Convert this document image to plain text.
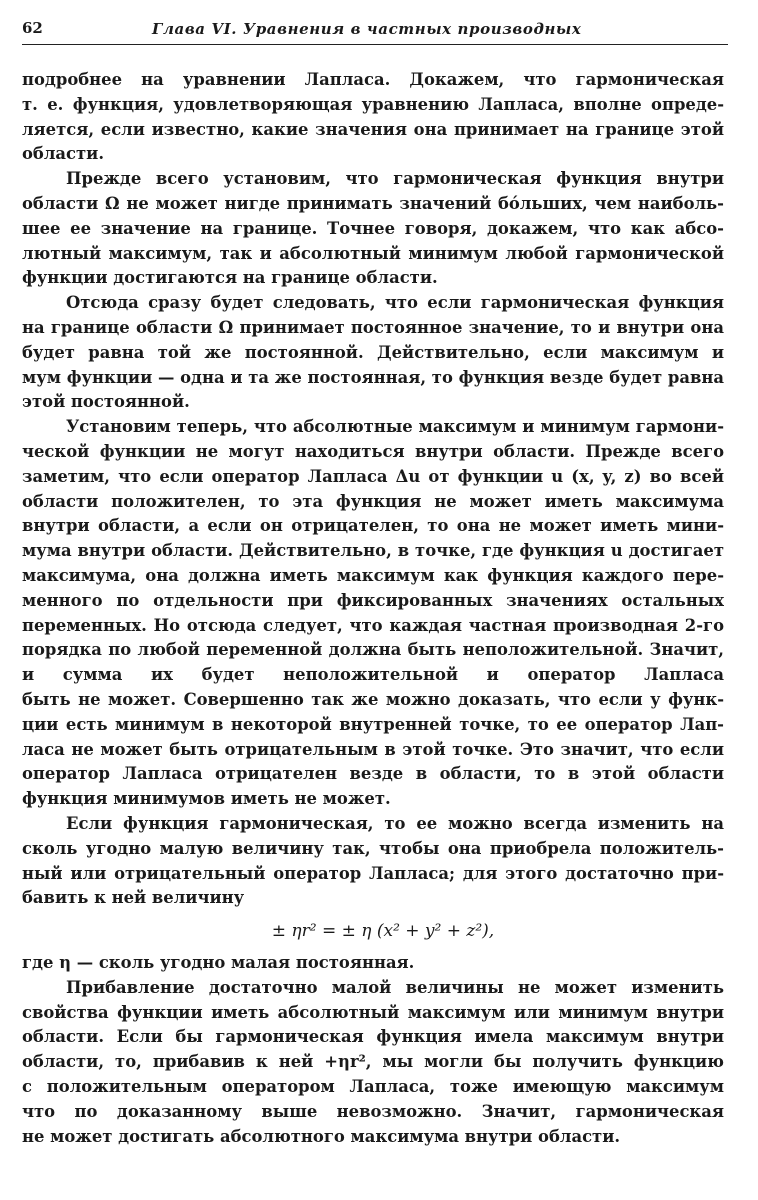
62	Глава VI. Уравнения в частных производных
подробнее на уравнении Лапласа. Докажем, что гармоническая
т. е. функция, удовлетворяющая уравнению Лапласа, вполне опреде-
ляется, если известно, какие значения она принимает на границе этой
области.
Прежде всего установим, что гармоническая функция внутри
области Ω не может нигде принимать значений бо́льших, чем наиболь-
шее ее значение на границе. Точнее говоря, докажем, что как абсо-
лютный максимум, так и абсолютный минимум любой гармонической
функции достигаются на границе области.
Отсюда сразу будет следовать, что если гармоническая функция
на границе области Ω принимает постоянное значение, то и внутри она
будет равна той же постоянной. Действительно, если максимум и
мум функции — одна и та же постоянная, то функция везде будет равна
этой постоянной.
Установим теперь, что абсолютные максимум и минимум гармони-
ческой функции не могут находиться внутри области. Прежде всего
заметим, что если оператор Лапласа Δu от функции u (x, y, z) во всей
области положителен, то эта функция не может иметь максимума
внутри области, а если он отрицателен, то она не может иметь мини-
мума внутри области. Действительно, в точке, где функция u достигает
максимума, она должна иметь максимум как функция каждого пере-
менного по отдельности при фиксированных значениях остальных
переменных. Но отсюда следует, что каждая частная производная 2-го
порядка по любой переменной должна быть неположительной. Значит,
и сумма их будет неположительной и оператор Лапласа
быть не может. Совершенно так же можно доказать, что если у функ-
ции есть минимум в некоторой внутренней точке, то ее оператор Лап-
ласа не может быть отрицательным в этой точке. Это значит, что если
оператор Лапласа отрицателен везде в области, то в этой области
функция минимумов иметь не может.
Если функция гармоническая, то ее можно всегда изменить на
сколь угодно малую величину так, чтобы она приобрела положитель-
ный или отрицательный оператор Лапласа; для этого достаточно при-
бавить к ней величину
± ηr² = ± η (x² + y² + z²),
где η — сколь угодно малая постоянная.
Прибавление достаточно малой величины не может изменить
свойства функции иметь абсолютный максимум или минимум внутри
области. Если бы гармоническая функция имела максимум внутри
области, то, прибавив к ней +ηr², мы могли бы получить функцию
с положительным оператором Лапласа, тоже имеющую максимум
что по доказанному выше невозможно. Значит, гармоническая
не может достигать абсолютного максимума внутри области.
